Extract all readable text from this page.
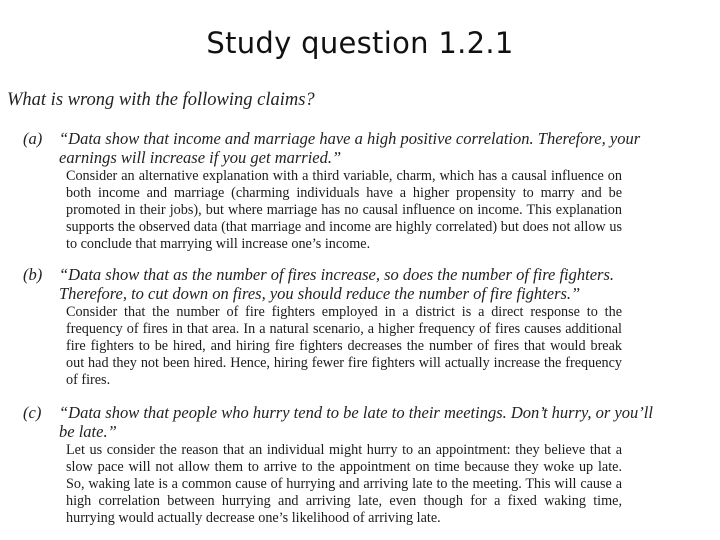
Study question 1.2.1
What is wrong with the following claims?
(a) “Data show that income and marriage have a high positive correlation. Therefore, your earnings will increase if you get married.”
Consider an alternative explanation with a third variable, charm, which has a causal influence on both income and marriage (charming individuals have a higher propensity to marry and be promoted in their jobs), but where marriage has no causal influence on income. This explanation supports the observed data (that marriage and income are highly correlated) but does not allow us to conclude that marrying will increase one’s income.
(b) “Data show that as the number of fires increase, so does the number of fire fighters. Therefore, to cut down on fires, you should reduce the number of fire fighters.”
Consider that the number of fire fighters employed in a district is a direct response to the frequency of fires in that area. In a natural scenario, a higher frequency of fires causes additional fire fighters to be hired, and hiring fire fighters decreases the number of fires that would break out had they not been hired. Hence, hiring fewer fire fighters will actually increase the frequency of fires.
(c) “Data show that people who hurry tend to be late to their meetings. Don’t hurry, or you’ll be late.”
Let us consider the reason that an individual might hurry to an appointment: they believe that a slow pace will not allow them to arrive to the appointment on time because they woke up late. So, waking late is a common cause of hurrying and arriving late to the meeting. This will cause a high correlation between hurrying and arriving late, even though for a fixed waking time, hurrying would actually decrease one’s likelihood of arriving late.
